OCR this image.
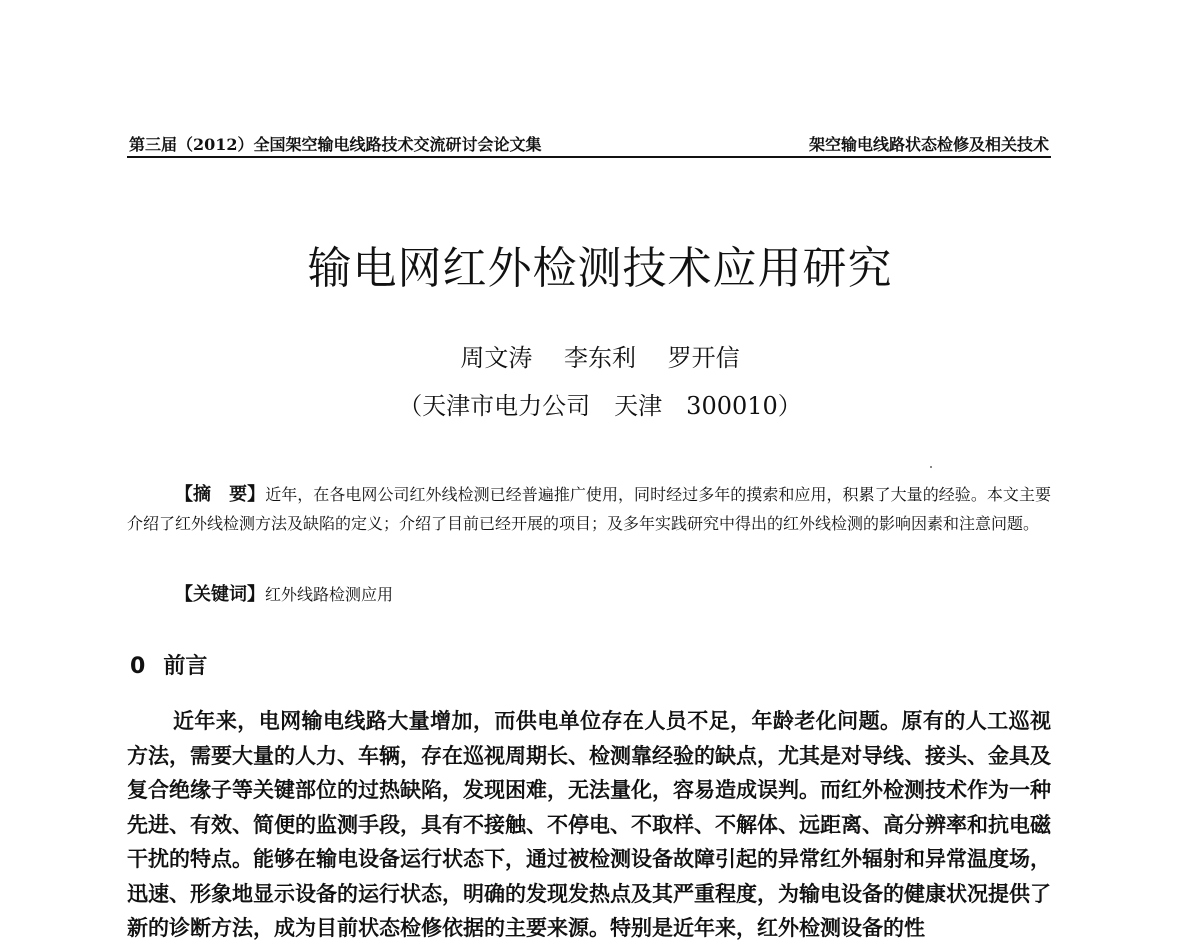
第三届（2012）全国架空输电线路技术交流研讨会论文集	架空输电线路状态检修及相关技术
输电网红外检测技术应用研究
周文涛 李东利 罗开信
（天津市电力公司　天津　300010）
【摘　要】近年，在各电网公司红外线检测已经普遍推广使用，同时经过多年的摸索和应用，积累了大量的经验。本文主要介绍了红外线检测方法及缺陷的定义；介绍了目前已经开展的项目；及多年实践研究中得出的红外线检测的影响因素和注意问题。
【关键词】红外线路检测应用
0 前言
近年来，电网输电线路大量增加，而供电单位存在人员不足，年龄老化问题。原有的人工巡视方法，需要大量的人力、车辆，存在巡视周期长、检测靠经验的缺点，尤其是对导线、接头、金具及复合绝缘子等关键部位的过热缺陷，发现困难，无法量化，容易造成误判。而红外检测技术作为一种先进、有效、简便的监测手段，具有不接触、不停电、不取样、不解体、远距离、高分辨率和抗电磁干扰的特点。能够在输电设备运行状态下，通过被检测设备故障引起的异常红外辐射和异常温度场，迅速、形象地显示设备的运行状态，明确的发现发热点及其严重程度，为输电设备的健康状况提供了新的诊断方法，成为目前状态检修依据的主要来源。特别是近年来，红外检测设备的性
